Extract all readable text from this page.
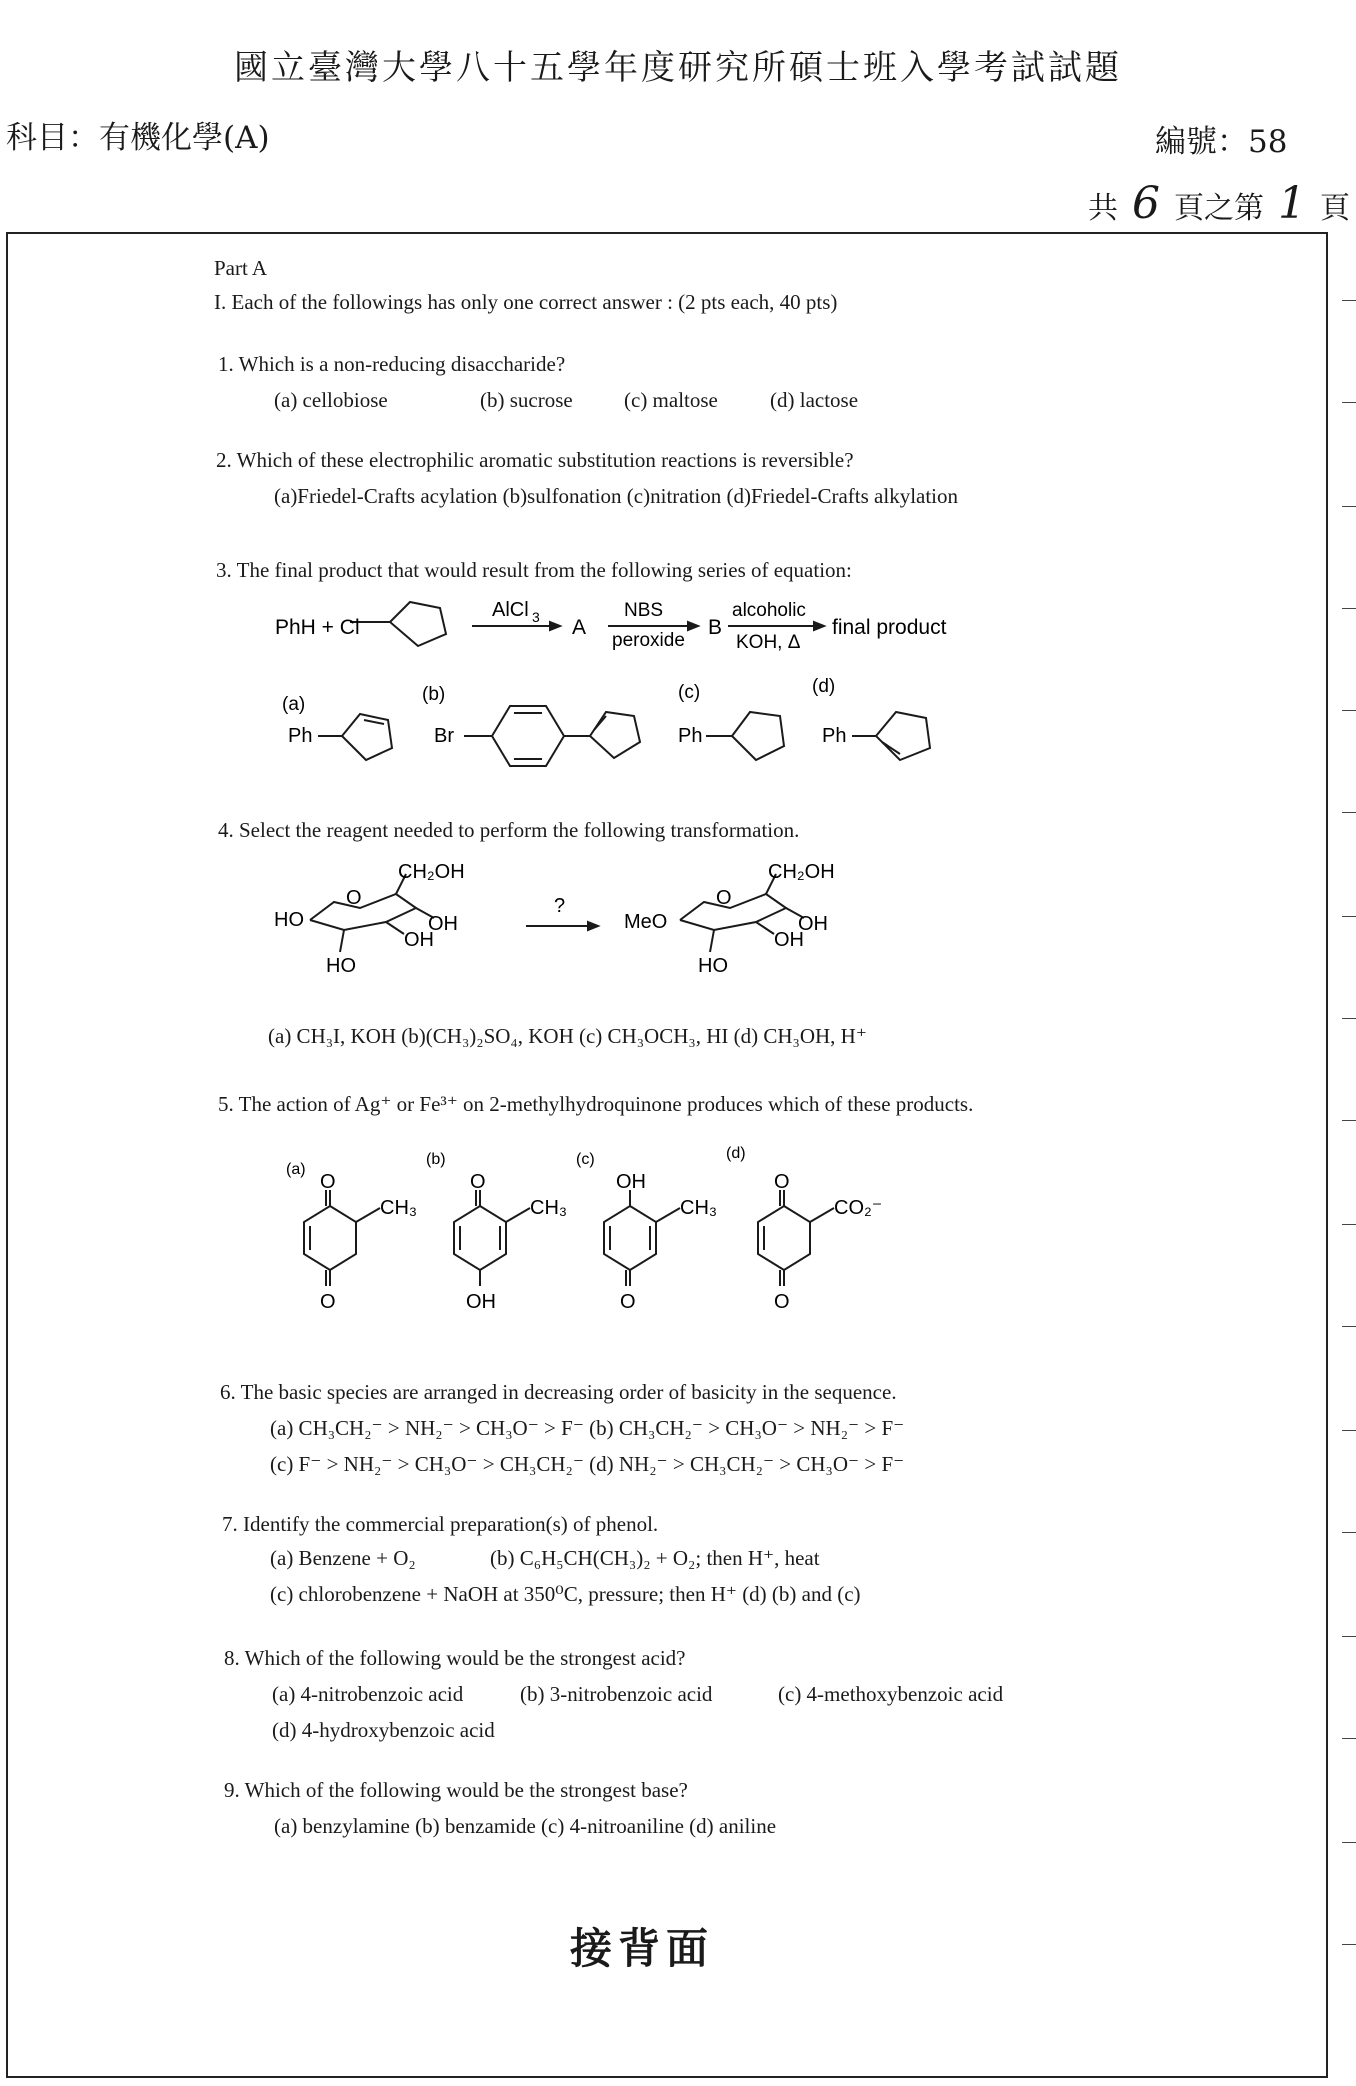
國立臺灣大學八十五學年度研究所碩士班入學考試試題
科目：有機化學(A)	編號：58
共 6 頁之第 1 頁
Part A
I. Each of the followings has only one correct answer : (2 pts each, 40 pts)
1. Which is a non-reducing disaccharide?
(a) cellobiose	(b) sucrose (c) maltose (d) lactose
2. Which of these electrophilic aromatic substitution reactions is reversible?
(a)Friedel-Crafts acylation (b)sulfonation (c)nitration (d)Friedel-Crafts alkylation
3. The final product that would result from the following series of equation:
PhH + Cl
AlCl 3 A
NBS
peroxide
B
alcoholic
KOH, Δ
final product
(a)	(b)	(c)	(d)
Ph	Br	Ph	Ph
4. Select the reagent needed to perform the following transformation.
CH₂OH
HO
O
OH
OH
HO
?
MeO
CH₂OH
O
OH
OH
HO
(a) CH₃I, KOH (b)(CH₃)₂SO₄, KOH (c) CH₃OCH₃, HI (d) CH₃OH, H⁺
5. The action of Ag⁺ or Fe³⁺ on 2-methylhydroquinone produces which of these products.
(a)
(b)	(c)	(d)
O
O
CH₃
O
OH
CH₃
OH
O
CH₃
O
O
CO₂⁻
6. The basic species are arranged in decreasing order of basicity in the sequence.
(a) CH₃CH₂⁻ > NH₂⁻ > CH₃O⁻ > F⁻ (b) CH₃CH₂⁻ > CH₃O⁻ > NH₂⁻ > F⁻
(c) F⁻ > NH₂⁻ > CH₃O⁻ > CH₃CH₂⁻ (d) NH₂⁻ > CH₃CH₂⁻ > CH₃O⁻ > F⁻
7. Identify the commercial preparation(s) of phenol.
(a) Benzene + O₂	(b) C₆H₅CH(CH₃)₂ + O₂; then H⁺, heat
(c) chlorobenzene + NaOH at 350⁰C, pressure; then H⁺ (d) (b) and (c)
8. Which of the following would be the strongest acid?
(a) 4-nitrobenzoic acid	(b) 3-nitrobenzoic acid	(c) 4-methoxybenzoic acid
(d) 4-hydroxybenzoic acid
9. Which of the following would be the strongest base?
(a) benzylamine (b) benzamide (c) 4-nitroaniline (d) aniline
接背面
